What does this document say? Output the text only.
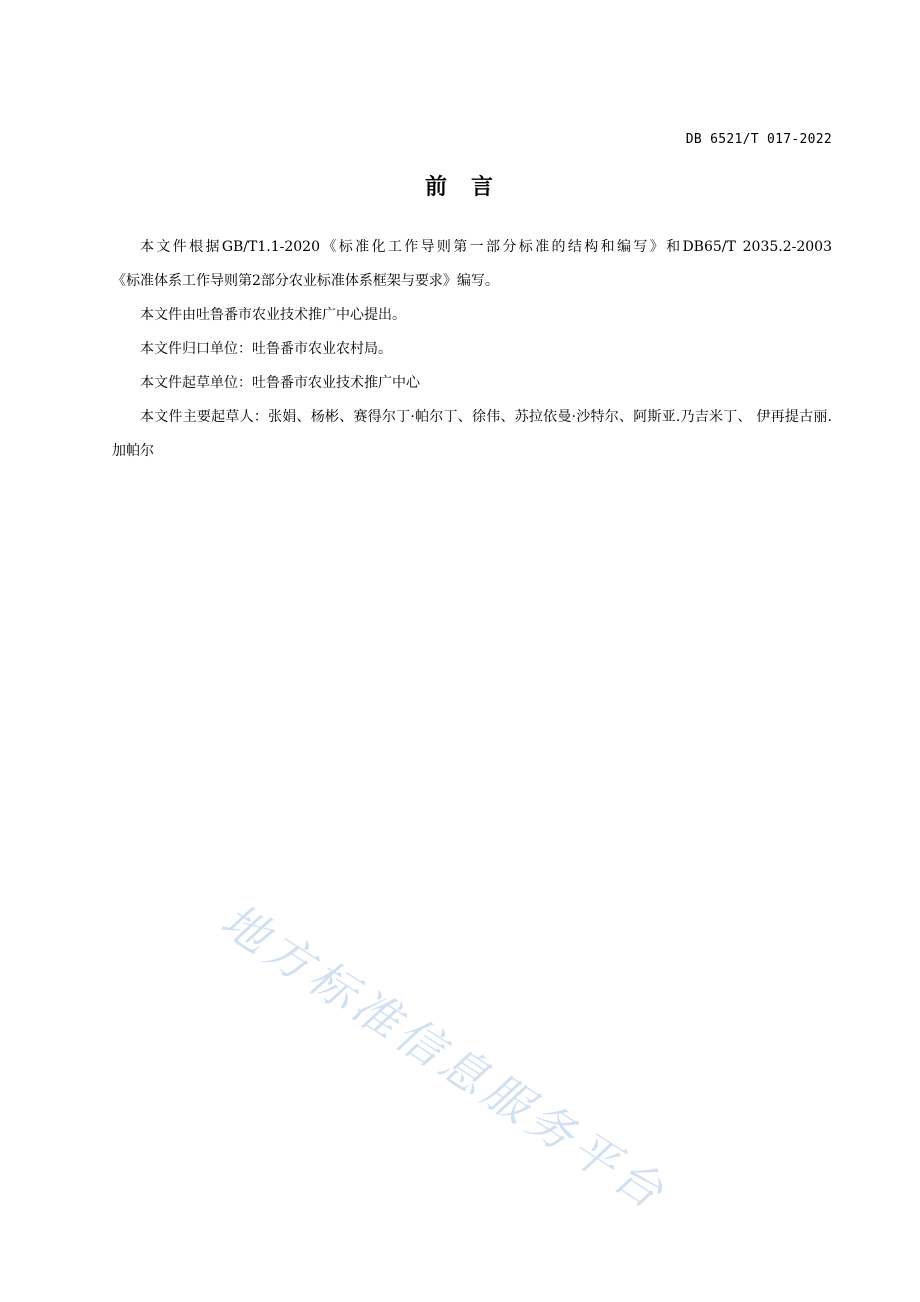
DB 6521/T 017-2022
前 言

本文件根据GB/T1.1-2020《标准化工作导则第一部分标准的结构和编写》和DB65/T 2035.2-2003

《标准体系工作导则第2部分农业标准体系框架与要求》编写。

本文件由吐鲁番市农业技术推广中心提出。

本文件归口单位：吐鲁番市农业农村局。

本文件起草单位：吐鲁番市农业技术推广中心

本文件主要起草人：张娟、杨彬、赛得尔丁·帕尔丁、徐伟、苏拉依曼·沙特尔、阿斯亚.乃吉米丁、 伊再提古丽.加帕尔

地方标准信息服务平台
